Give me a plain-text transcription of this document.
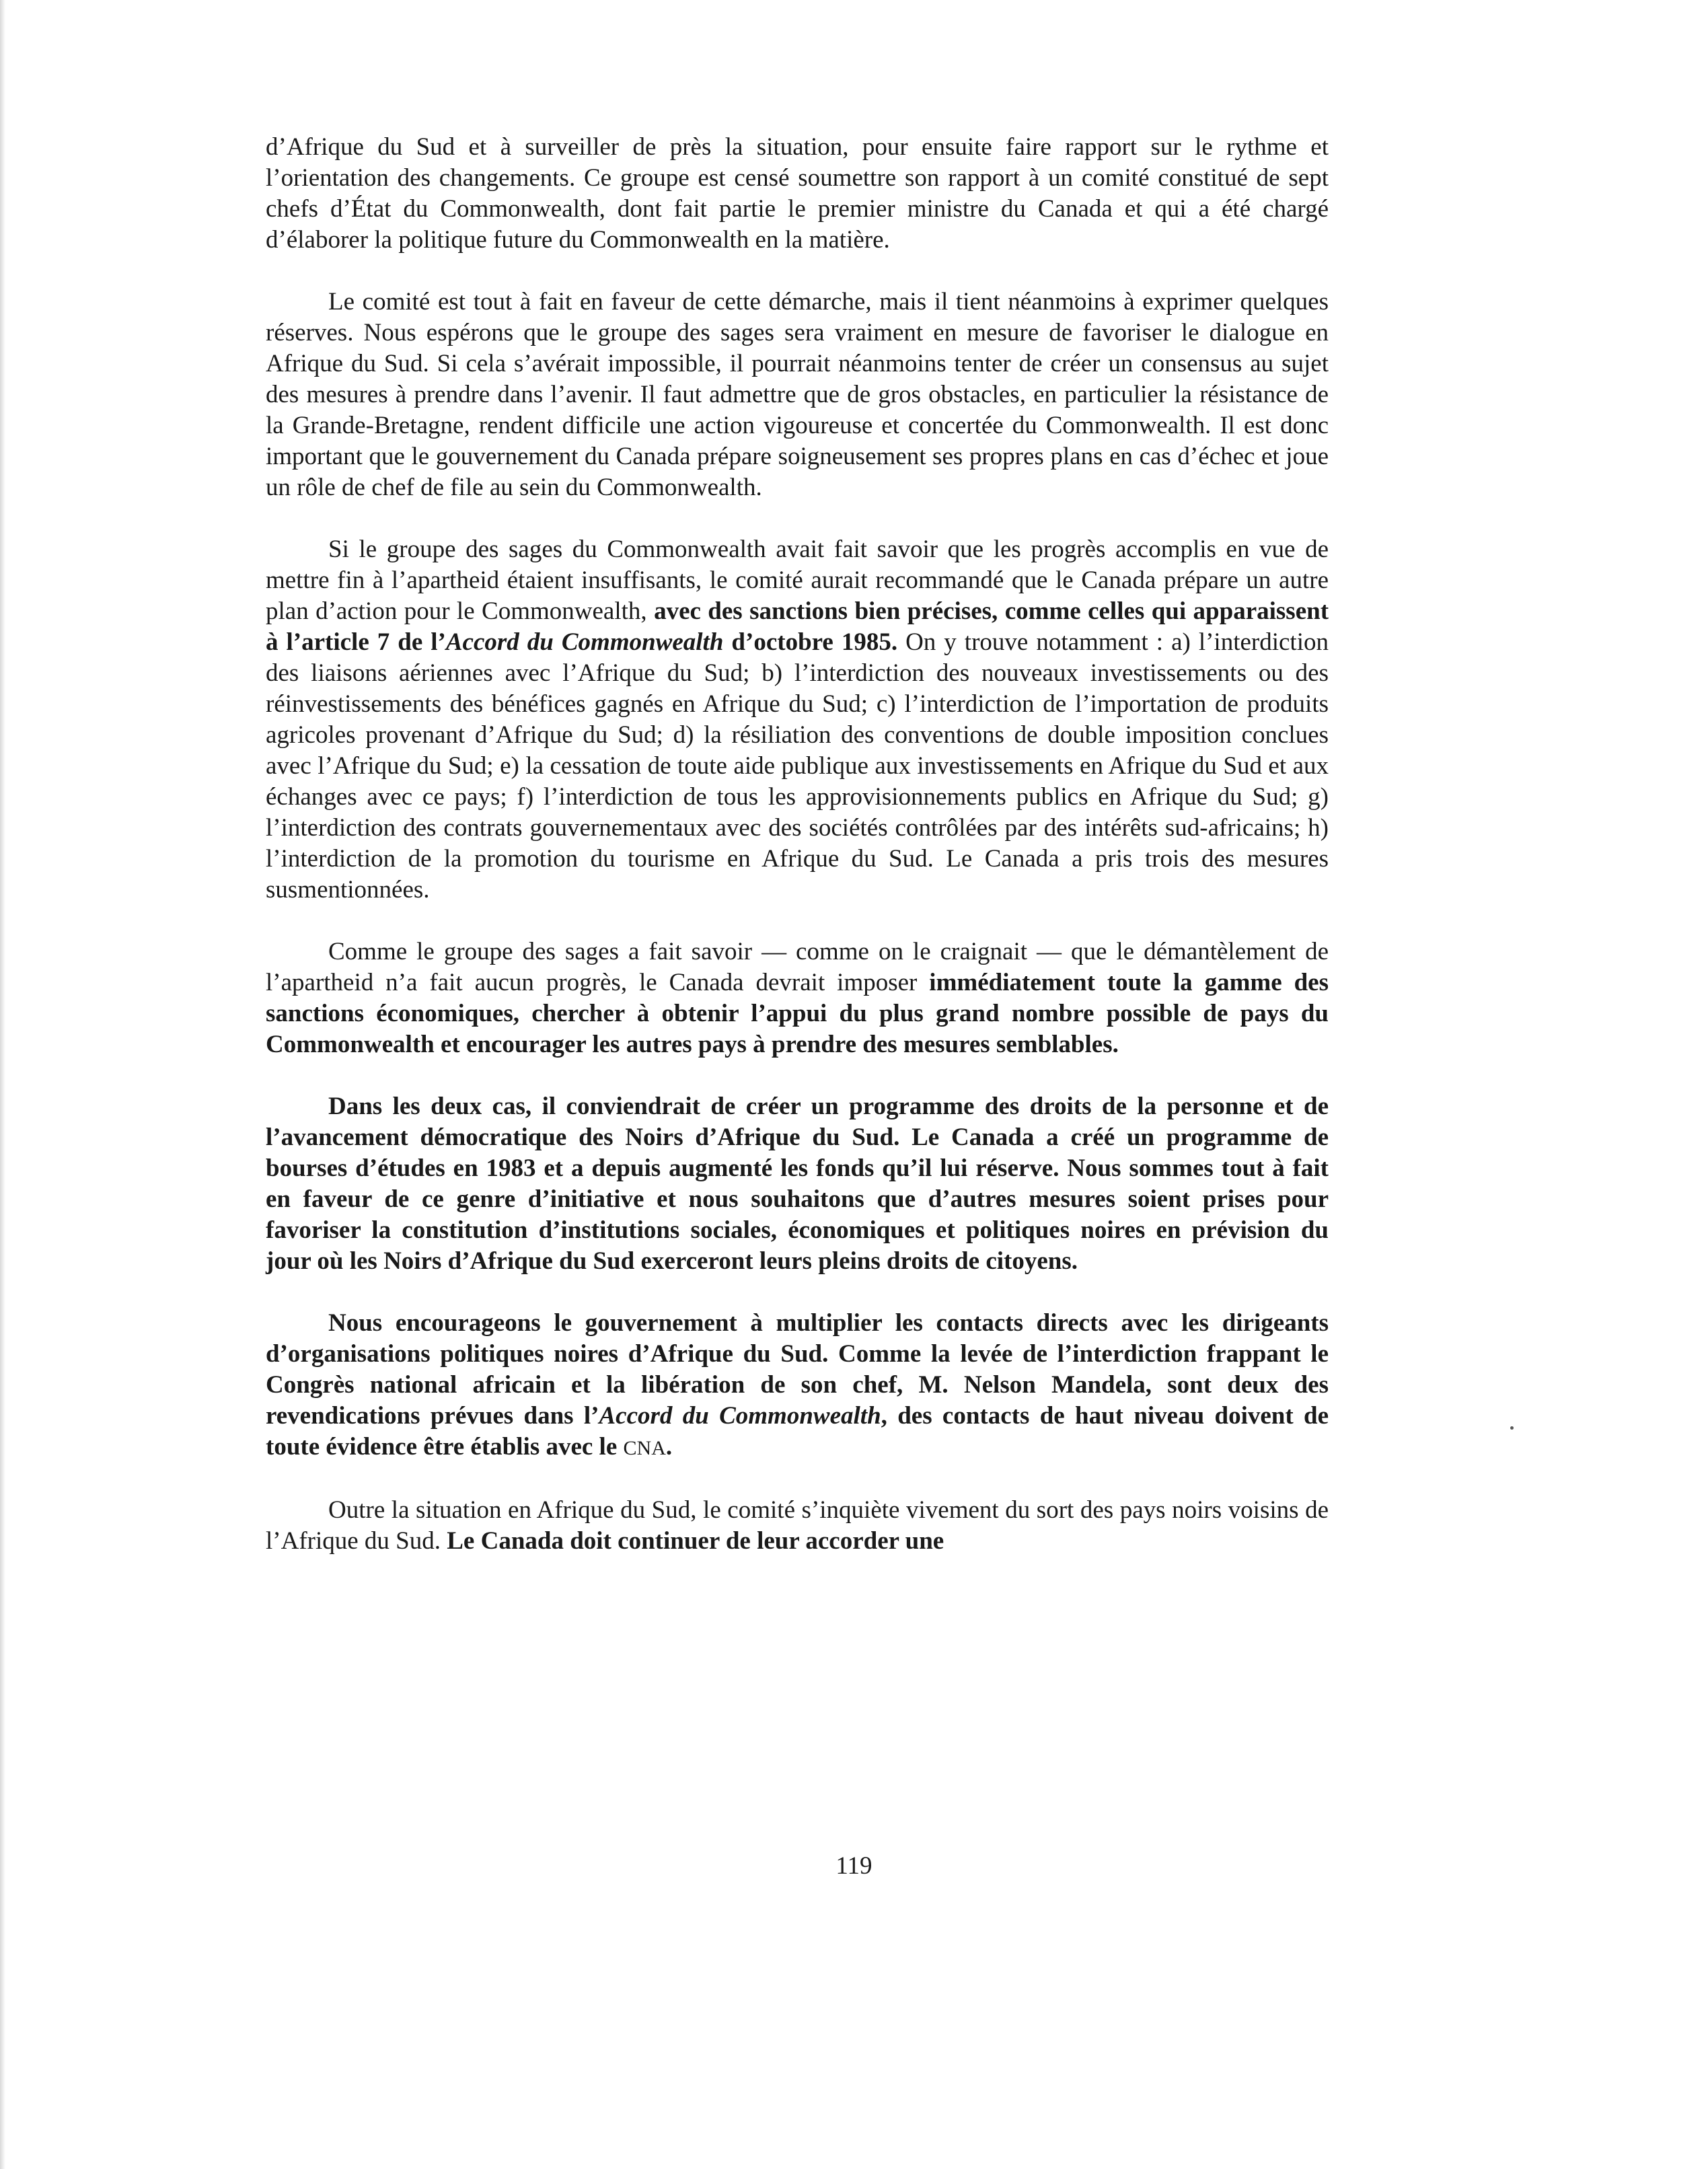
d’Afrique du Sud et à surveiller de près la situation, pour ensuite faire rapport sur le rythme et l’orientation des changements. Ce groupe est censé soumettre son rapport à un comité constitué de sept chefs d’État du Commonwealth, dont fait partie le premier ministre du Canada et qui a été chargé d’élaborer la politique future du Commonwealth en la matière.

Le comité est tout à fait en faveur de cette démarche, mais il tient néanmoins à exprimer quelques réserves. Nous espérons que le groupe des sages sera vraiment en mesure de favoriser le dialogue en Afrique du Sud. Si cela s’avérait impossible, il pourrait néanmoins tenter de créer un consensus au sujet des mesures à prendre dans l’avenir. Il faut admettre que de gros obstacles, en particulier la résistance de la Grande-Bretagne, rendent difficile une action vigoureuse et concertée du Commonwealth. Il est donc important que le gouvernement du Canada prépare soigneusement ses propres plans en cas d’échec et joue un rôle de chef de file au sein du Commonwealth.

Si le groupe des sages du Commonwealth avait fait savoir que les progrès accomplis en vue de mettre fin à l’apartheid étaient insuffisants, le comité aurait recommandé que le Canada prépare un autre plan d’action pour le Commonwealth, avec des sanctions bien précises, comme celles qui apparaissent à l’article 7 de l’Accord du Commonwealth d’octobre 1985. On y trouve notamment : a) l’interdiction des liaisons aériennes avec l’Afrique du Sud; b) l’interdiction des nouveaux investissements ou des réinvestissements des bénéfices gagnés en Afrique du Sud; c) l’interdiction de l’importation de produits agricoles provenant d’Afrique du Sud; d) la résiliation des conventions de double imposition conclues avec l’Afrique du Sud; e) la cessation de toute aide publique aux investissements en Afrique du Sud et aux échanges avec ce pays; f) l’interdiction de tous les approvisionnements publics en Afrique du Sud; g) l’interdiction des contrats gouvernementaux avec des sociétés contrôlées par des intérêts sud-africains; h) l’interdiction de la promotion du tourisme en Afrique du Sud. Le Canada a pris trois des mesures susmentionnées.

Comme le groupe des sages a fait savoir — comme on le craignait — que le démantèlement de l’apartheid n’a fait aucun progrès, le Canada devrait imposer immédiatement toute la gamme des sanctions économiques, chercher à obtenir l’appui du plus grand nombre possible de pays du Commonwealth et encourager les autres pays à prendre des mesures semblables.

Dans les deux cas, il conviendrait de créer un programme des droits de la personne et de l’avancement démocratique des Noirs d’Afrique du Sud. Le Canada a créé un programme de bourses d’études en 1983 et a depuis augmenté les fonds qu’il lui réserve. Nous sommes tout à fait en faveur de ce genre d’initiative et nous souhaitons que d’autres mesures soient prises pour favoriser la constitution d’institutions sociales, économiques et politiques noires en prévision du jour où les Noirs d’Afrique du Sud exerceront leurs pleins droits de citoyens.

Nous encourageons le gouvernement à multiplier les contacts directs avec les dirigeants d’organisations politiques noires d’Afrique du Sud. Comme la levée de l’interdiction frappant le Congrès national africain et la libération de son chef, M. Nelson Mandela, sont deux des revendications prévues dans l’Accord du Commonwealth, des contacts de haut niveau doivent de toute évidence être établis avec le CNA.

Outre la situation en Afrique du Sud, le comité s’inquiète vivement du sort des pays noirs voisins de l’Afrique du Sud. Le Canada doit continuer de leur accorder une

119
